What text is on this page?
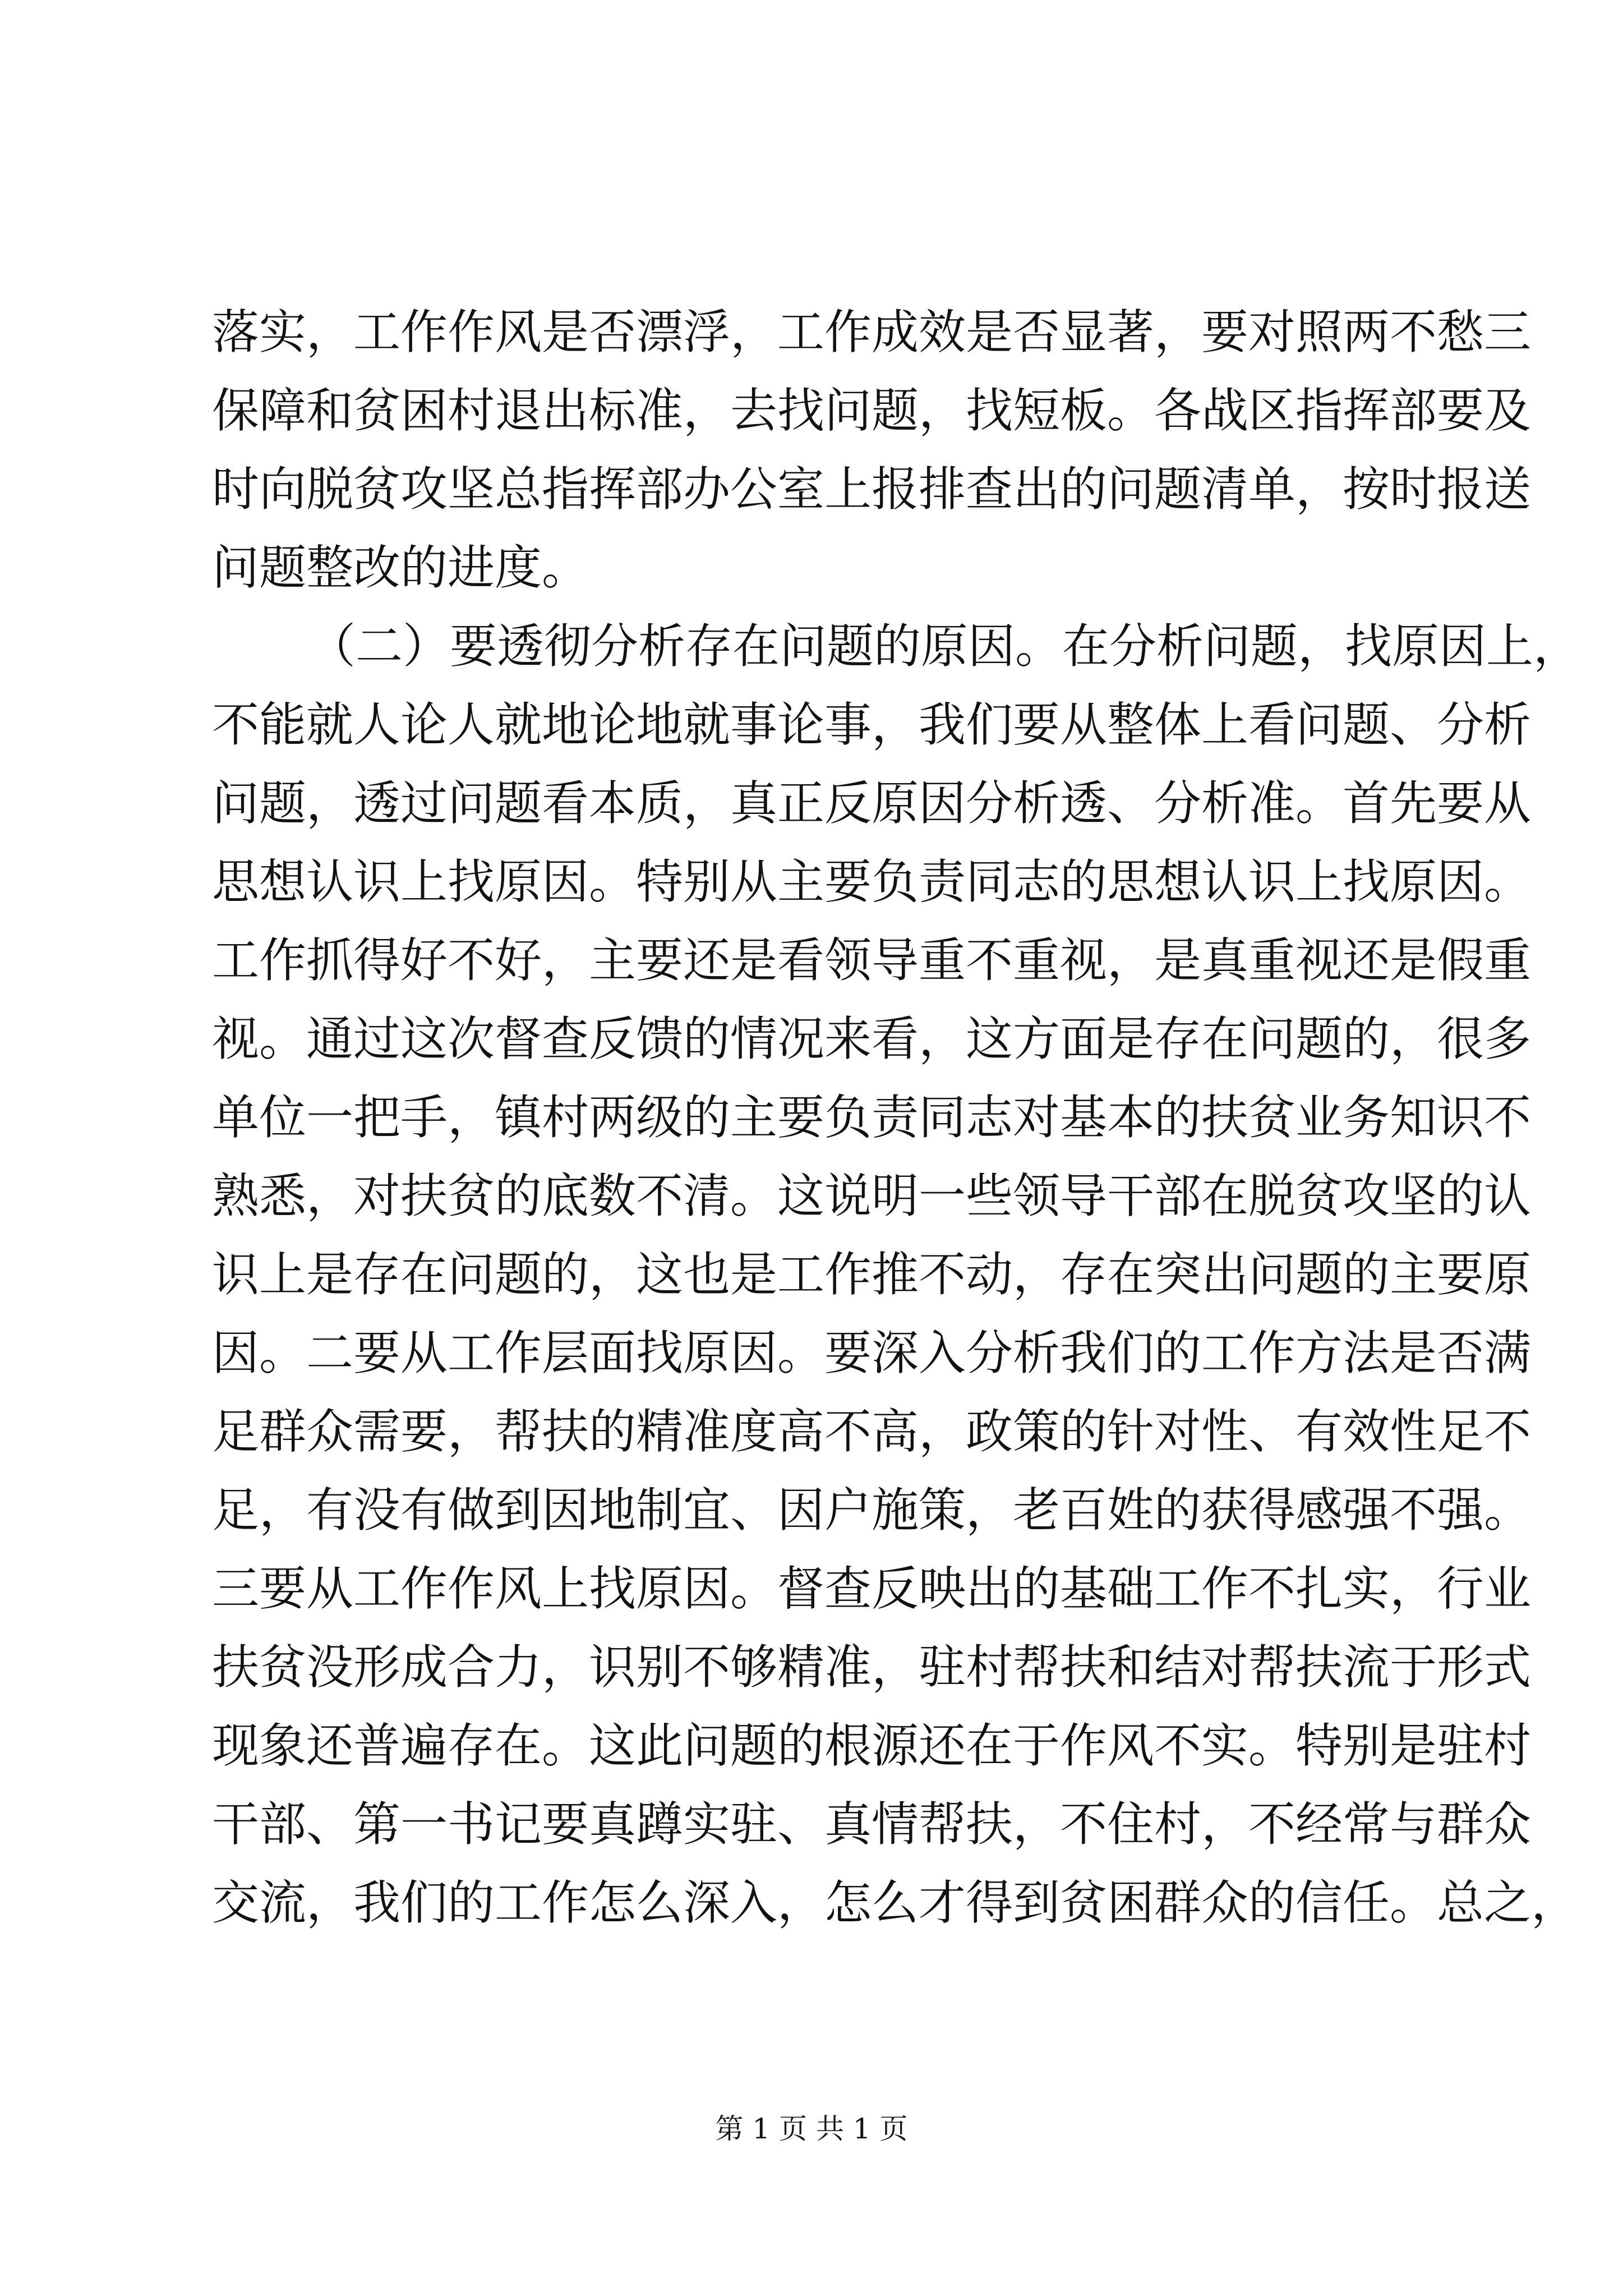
落实，工作作风是否漂浮，工作成效是否显著，要对照两不愁三
保障和贫困村退出标准，去找问题，找短板。各战区指挥部要及
时向脱贫攻坚总指挥部办公室上报排查出的问题清单，按时报送
问题整改的进度。
（二）要透彻分析存在问题的原因。在分析问题，找原因上，
不能就人论人就地论地就事论事，我们要从整体上看问题、分析
问题，透过问题看本质，真正反原因分析透、分析准。首先要从
思想认识上找原因。特别从主要负责同志的思想认识上找原因。
工作抓得好不好，主要还是看领导重不重视，是真重视还是假重
视。通过这次督查反馈的情况来看，这方面是存在问题的，很多
单位一把手，镇村两级的主要负责同志对基本的扶贫业务知识不
熟悉，对扶贫的底数不清。这说明一些领导干部在脱贫攻坚的认
识上是存在问题的，这也是工作推不动，存在突出问题的主要原
因。二要从工作层面找原因。要深入分析我们的工作方法是否满
足群众需要，帮扶的精准度高不高，政策的针对性、有效性足不
足，有没有做到因地制宜、因户施策，老百姓的获得感强不强。
三要从工作作风上找原因。督查反映出的基础工作不扎实，行业
扶贫没形成合力，识别不够精准，驻村帮扶和结对帮扶流于形式
现象还普遍存在。这此问题的根源还在于作风不实。特别是驻村
干部、第一书记要真蹲实驻、真情帮扶，不住村，不经常与群众
交流，我们的工作怎么深入，怎么才得到贫困群众的信任。总之，
第 1 页 共 1 页
